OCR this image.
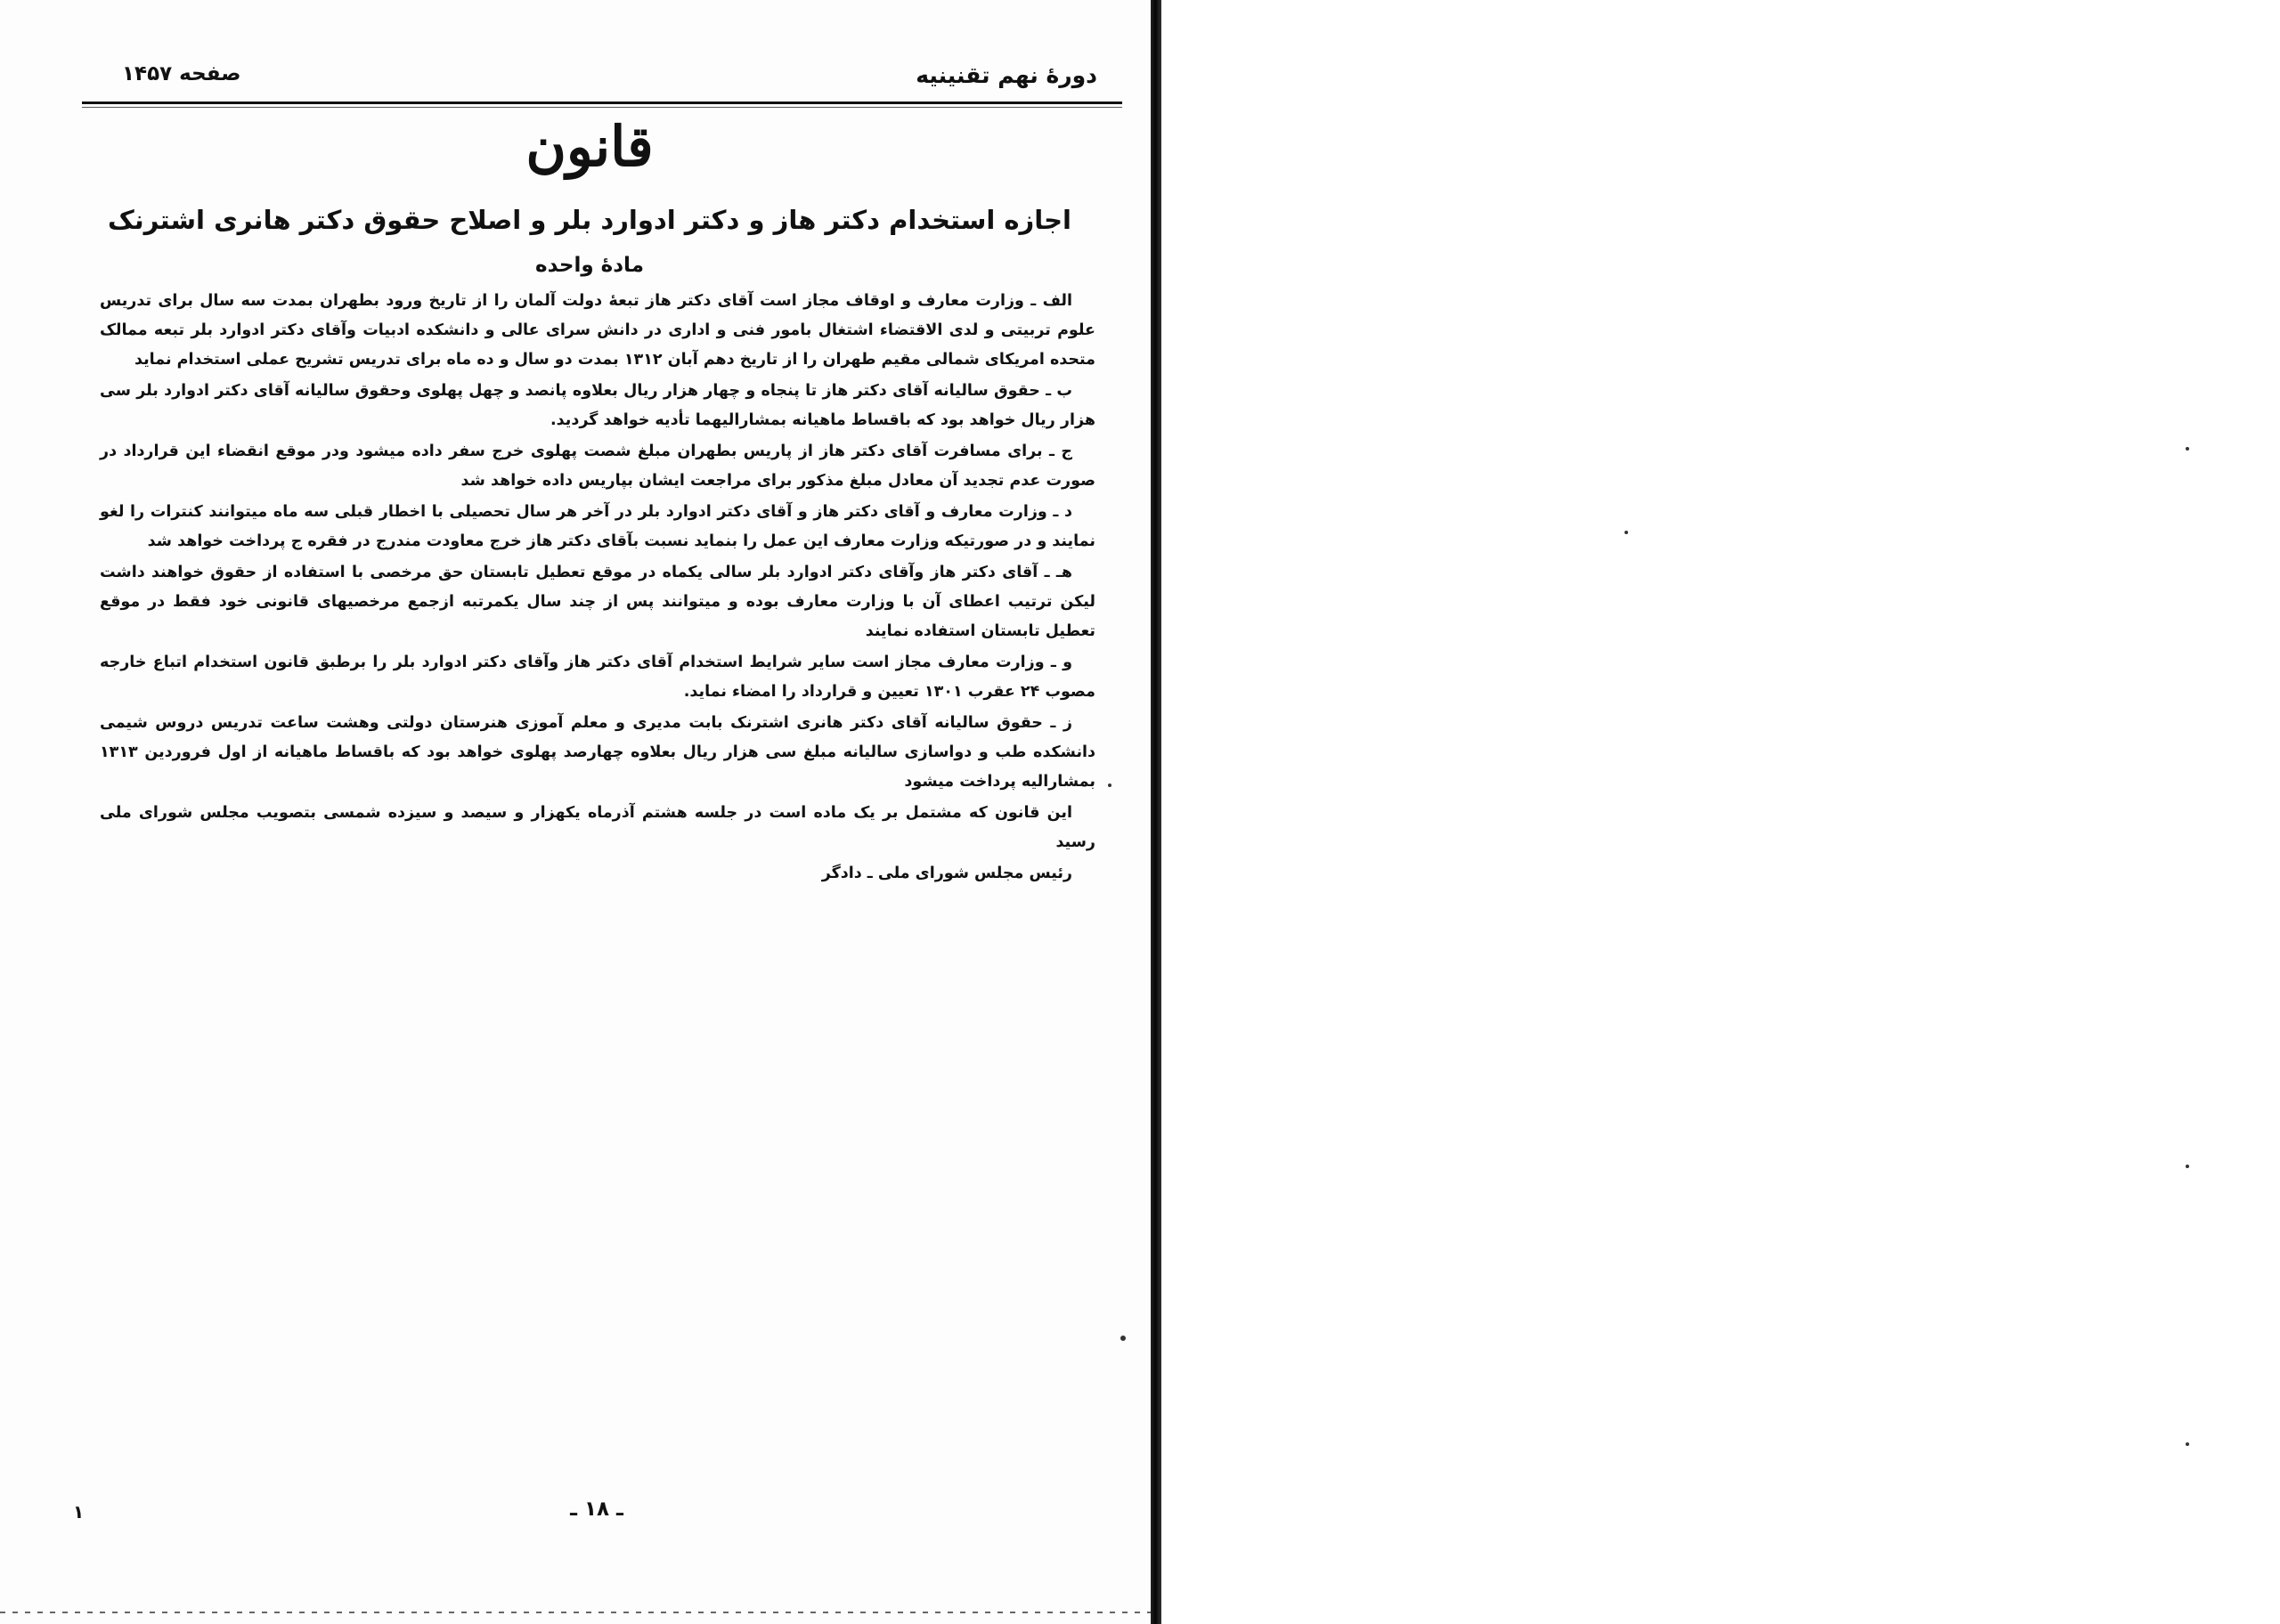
دورهٔ نهم تقنینیه
صفحه ۱۴۵۷
قانون
اجازه استخدام دکتر هاز و دکتر ادوارد بلر و اصلاح حقوق دکتر هانری اشترنک
مادهٔ واحده

الف ـ وزارت معارف و اوقاف مجاز است آقای دکتر هاز تبعهٔ دولت آلمان را از تاریخ ورود بطهران بمدت سه سال برای تدریس علوم تربیتی و لدی الاقتضاء اشتغال بامور فنی و اداری در دانش سرای عالی و دانشکده ادبیات وآقای دکتر ادوارد بلر تبعه ممالک متحده امریکای شمالی مقیم طهران را از تاریخ دهم آبان ۱۳۱۲ بمدت دو سال و ده ماه برای تدریس تشریح عملی استخدام نماید

ب ـ حقوق سالیانه آقای دکتر هاز تا پنجاه و چهار هزار ریال بعلاوه پانصد و چهل پهلوی وحقوق سالیانه آقای دکتر ادوارد بلر سی هزار ریال خواهد بود که باقساط ماهیانه بمشارالیهما تأدیه خواهد گردید.

ج ـ برای مسافرت آقای دکتر هاز از پاریس بطهران مبلغ شصت پهلوی خرج سفر داده میشود ودر موقع انقضاء این قرارداد در صورت عدم تجدید آن معادل مبلغ مذکور برای مراجعت ایشان بپاریس داده خواهد شد

د ـ وزارت معارف و آقای دکتر هاز و آقای دکتر ادوارد بلر در آخر هر سال تحصیلی با اخطار قبلی سه ماه میتوانند کنترات را لغو نمایند و در صورتیکه وزارت معارف این عمل را بنماید نسبت بآقای دکتر هاز خرج معاودت مندرج در فقره ج پرداخت خواهد شد

هـ ـ آقای دکتر هاز وآقای دکتر ادوارد بلر سالی یکماه در موقع تعطیل تابستان حق مرخصی با استفاده از حقوق خواهند داشت لیکن ترتیب اعطای آن با وزارت معارف بوده و میتوانند پس از چند سال یکمرتبه ازجمع مرخصیهای قانونی خود فقط در موقع تعطیل تابستان استفاده نمایند

و ـ وزارت معارف مجاز است سایر شرایط استخدام آقای دکتر هاز وآقای دکتر ادوارد بلر را برطبق قانون استخدام اتباع خارجه مصوب ۲۴ عقرب ۱۳۰۱ تعیین و قرارداد را امضاء نماید.

ز ـ حقوق سالیانه آقای دکتر هانری اشترنک بابت مدیری و معلم آموزی هنرستان دولتی وهشت ساعت تدریس دروس شیمی دانشکده طب و دواسازی سالیانه مبلغ سی هزار ریال بعلاوه چهارصد پهلوی خواهد بود که باقساط ماهیانه از اول فروردین ۱۳۱۳ بمشارالیه پرداخت میشود

این قانون که مشتمل بر یک ماده است در جلسه هشتم آذرماه یکهزار و سیصد و سیزده شمسی بتصویب مجلس شورای ملی رسید

رئیس مجلس شورای ملی ـ دادگر
۱	ـ ۱۸ ـ
